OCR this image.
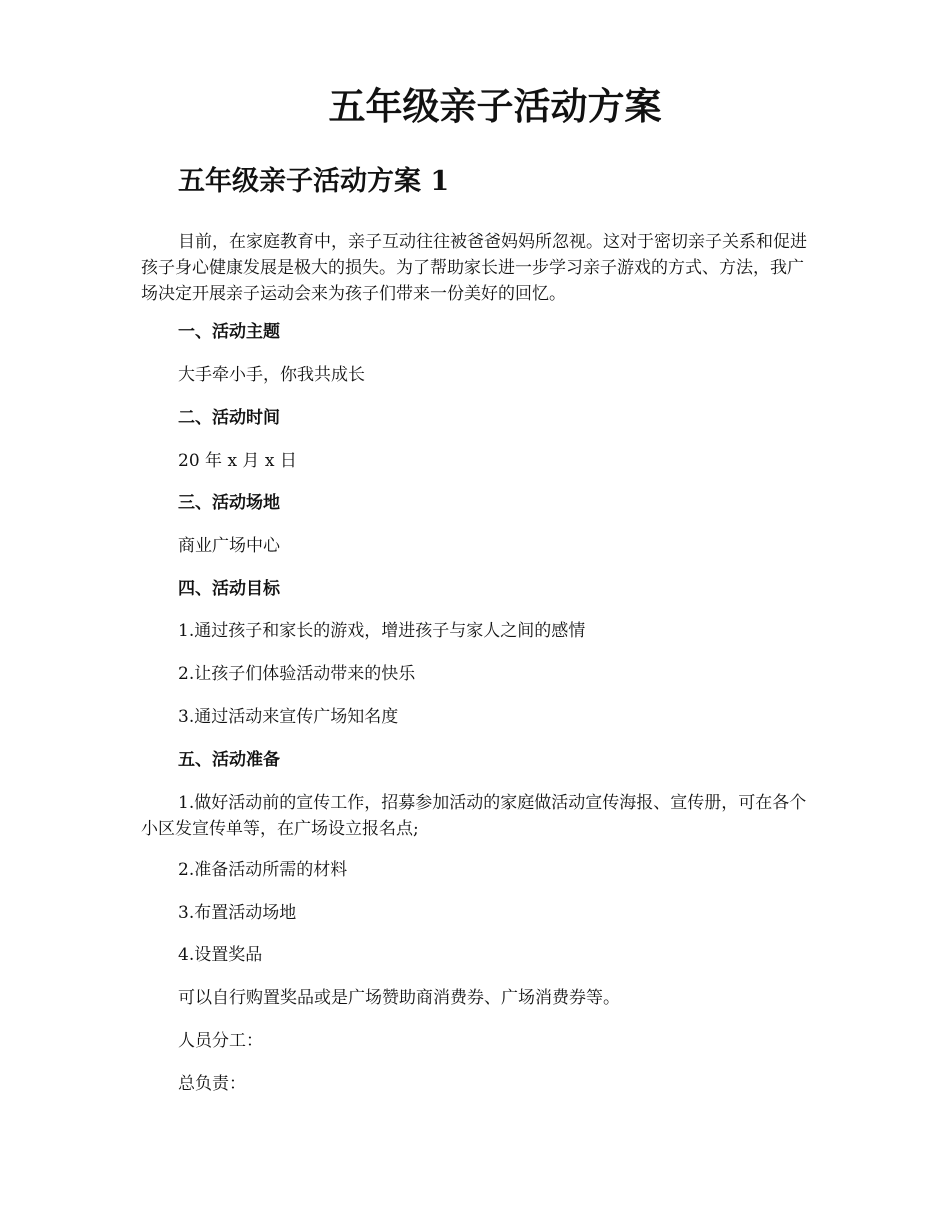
五年级亲子活动方案
五年级亲子活动方案 1

目前，在家庭教育中，亲子互动往往被爸爸妈妈所忽视。这对于密切亲子关系和促进孩子身心健康发展是极大的损失。为了帮助家长进一步学习亲子游戏的方式、方法，我广场决定开展亲子运动会来为孩子们带来一份美好的回忆。

一、活动主题

大手牵小手，你我共成长

二、活动时间

20 年 x 月 x 日

三、活动场地

商业广场中心

四、活动目标

1.通过孩子和家长的游戏，增进孩子与家人之间的感情

2.让孩子们体验活动带来的快乐

3.通过活动来宣传广场知名度

五、活动准备

1.做好活动前的宣传工作，招募参加活动的家庭做活动宣传海报、宣传册，可在各个小区发宣传单等，在广场设立报名点;

2.准备活动所需的材料

3.布置活动场地

4.设置奖品

可以自行购置奖品或是广场赞助商消费券、广场消费券等。

人员分工：

总负责：
